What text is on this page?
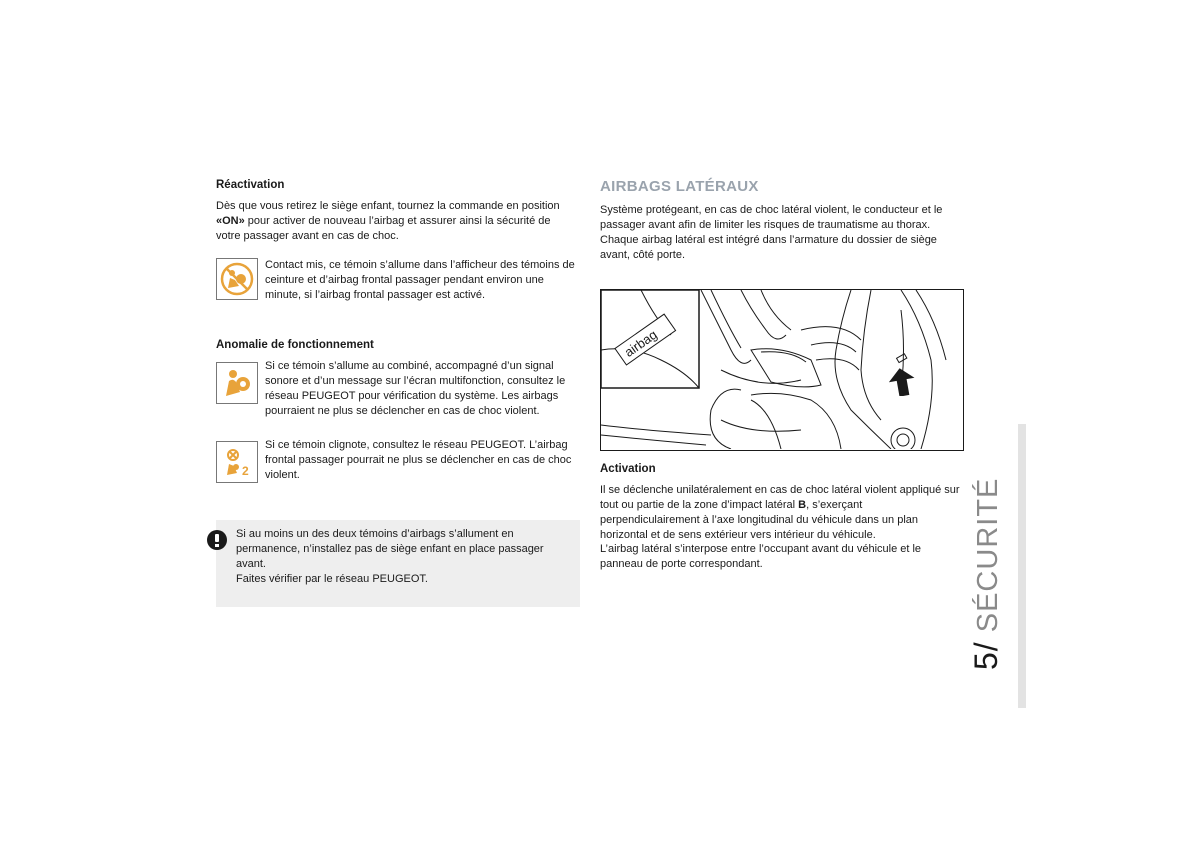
Réactivation

Dès que vous retirez le siège enfant, tournez la commande en position «ON» pour activer de nouveau l’airbag et assurer ainsi la sécurité de votre passager avant en cas de choc.

Contact mis, ce témoin s’allume dans l’afficheur des témoins de ceinture et d’airbag frontal passager pendant environ une minute, si l’airbag frontal passager est activé.

Anomalie de fonctionnement

Si ce témoin s’allume au combiné, accompagné d’un signal sonore et d’un message sur l’écran multifonction, consultez le réseau PEUGEOT pour vérification du système. Les airbags pourraient ne plus se déclencher en cas de choc violent.

2

Si ce témoin clignote, consultez le réseau PEUGEOT. L’airbag frontal passager pourrait ne plus se déclencher en cas de choc violent.

Si au moins un des deux témoins d’airbags s’allument en permanence, n’installez pas de siège enfant en place passager avant.

Faites vérifier par le réseau PEUGEOT.

AIRBAGS LATÉRAUX

Système protégeant, en cas de choc latéral violent, le conducteur et le passager avant afin de limiter les risques de traumatisme au thorax.

Chaque airbag latéral est intégré dans l’armature du dossier de siège avant, côté porte.

airbag
Activation

Il se déclenche unilatéralement en cas de choc latéral violent appliqué sur tout ou partie de la zone d’impact latéral B, s’exerçant perpendiculairement à l’axe longitudinal du véhicule dans un plan horizontal et de sens extérieur vers intérieur du véhicule.

L’airbag latéral s’interpose entre l’occupant avant du véhicule et le panneau de porte correspondant.

5/ SÉCURITÉ
